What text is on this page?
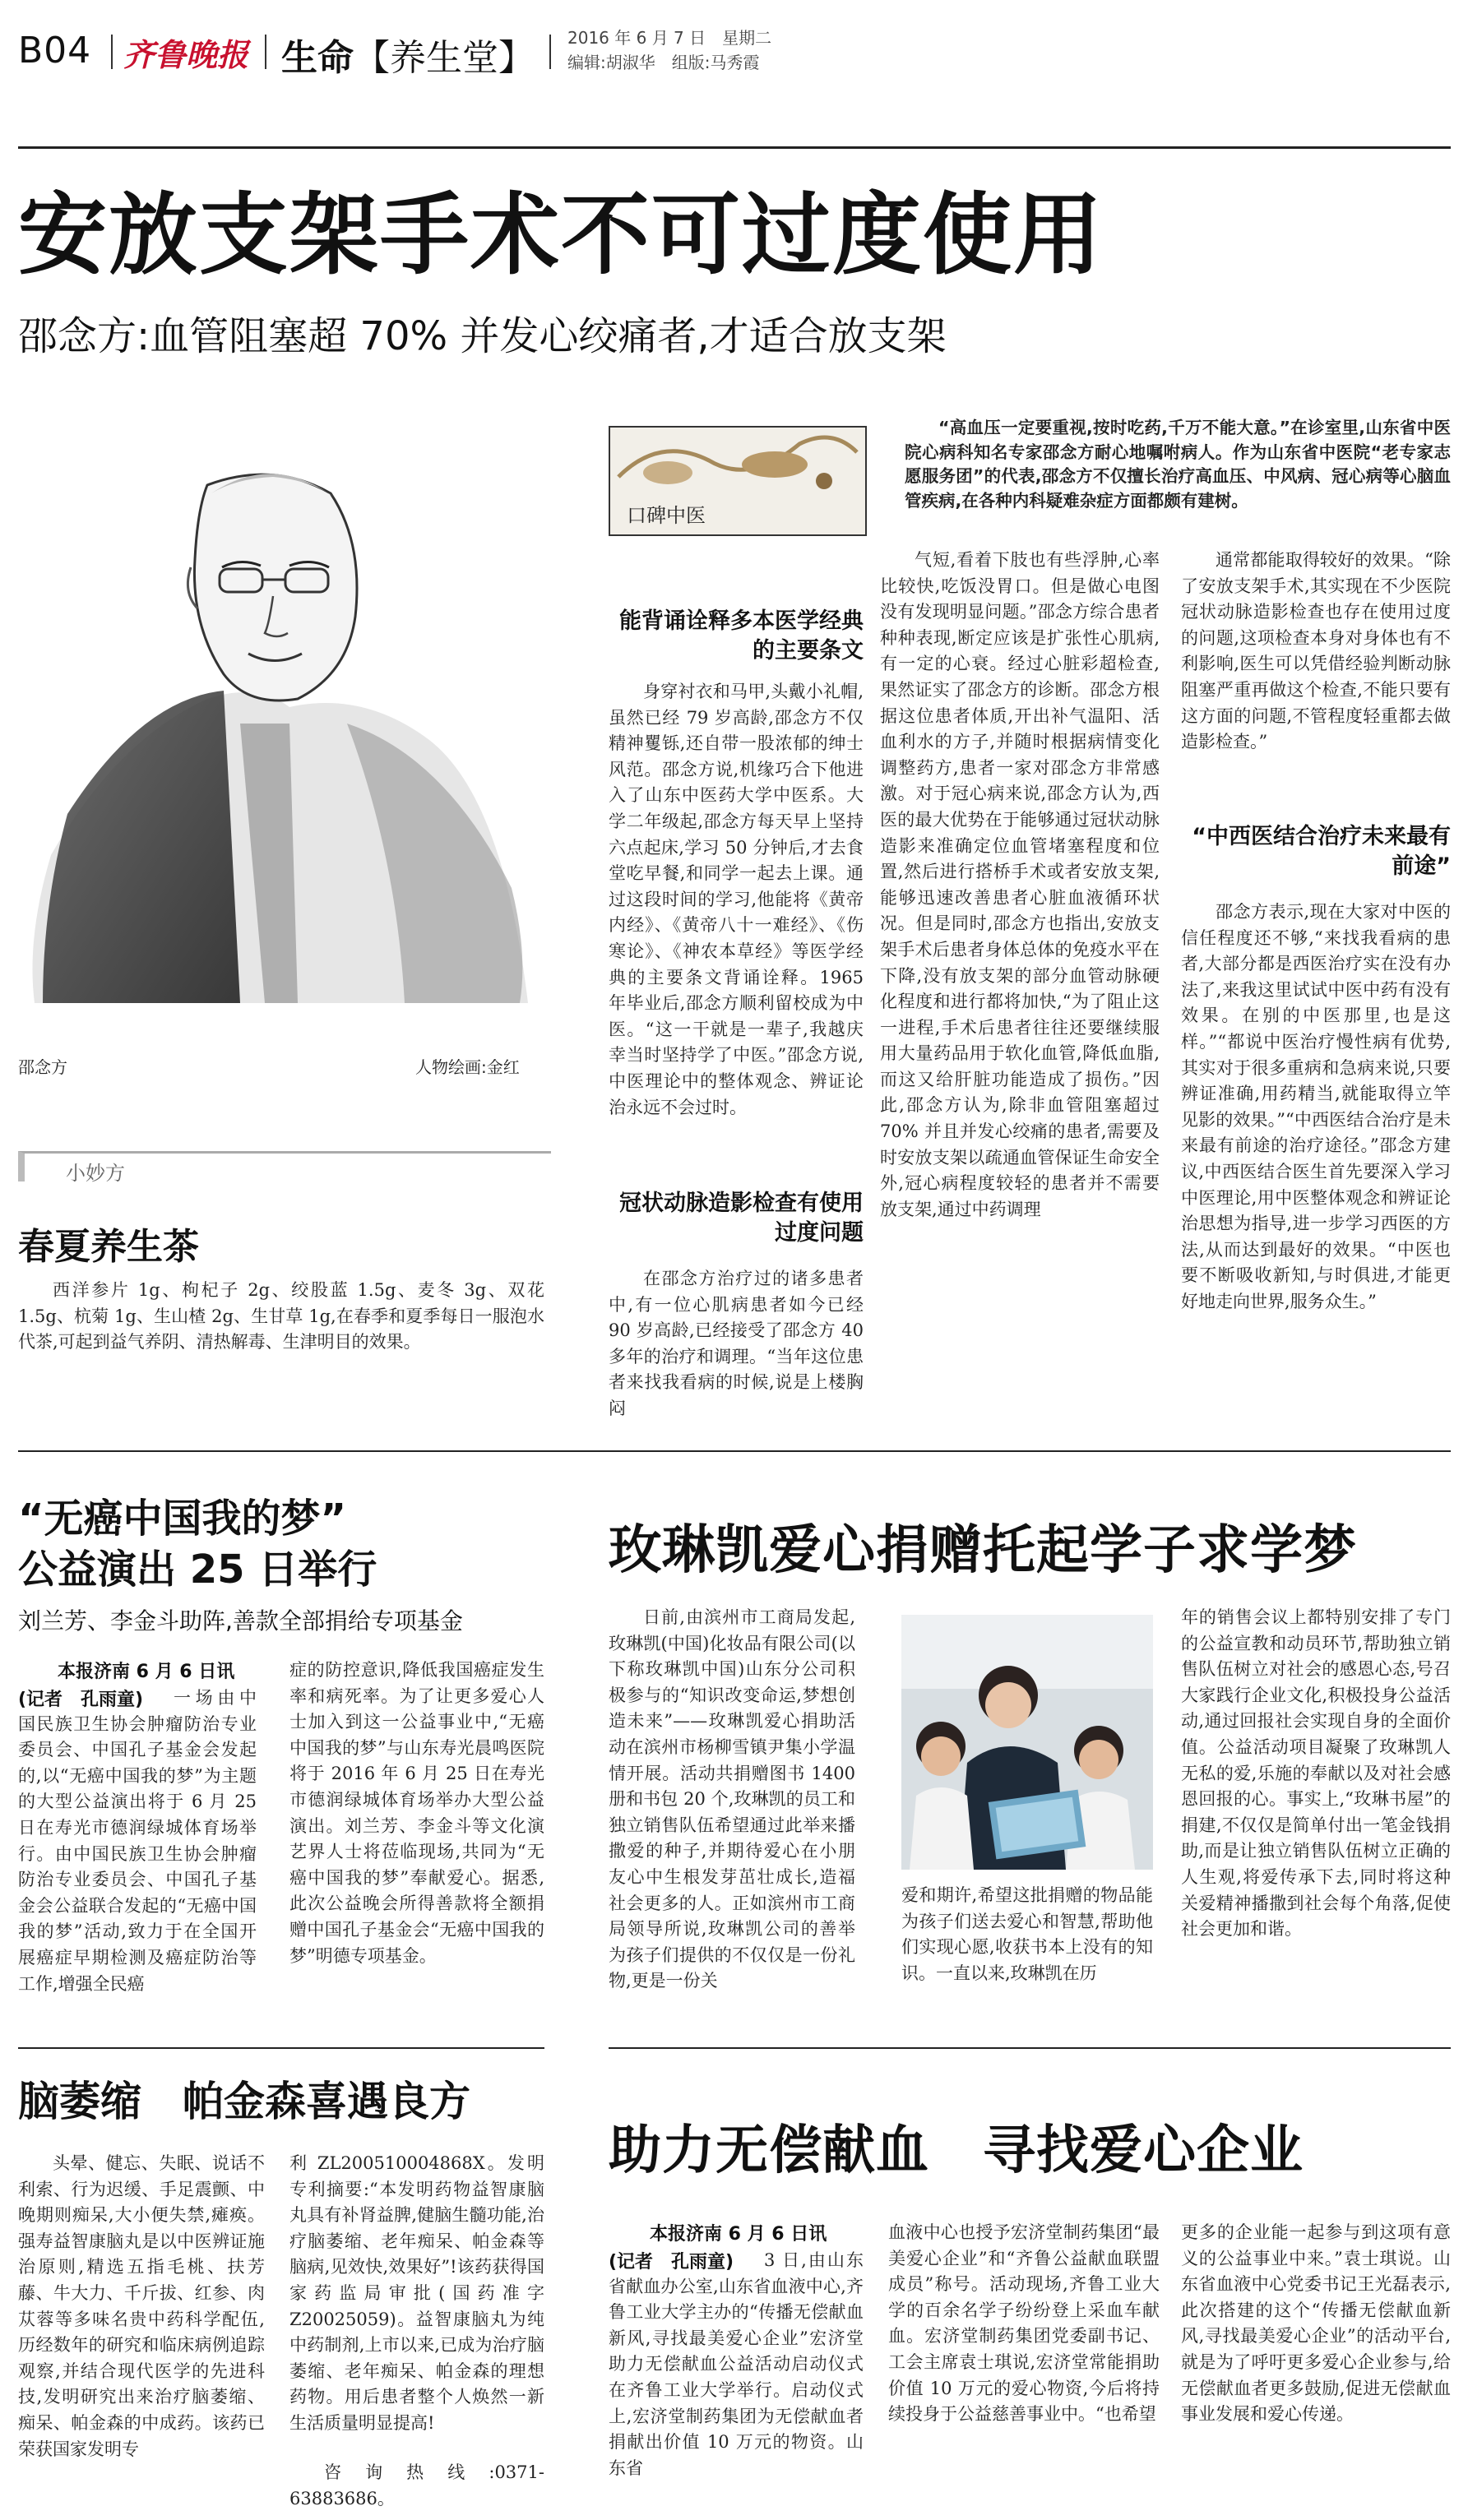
B04 齐鲁晚报 生命【养生堂】 2016 年 6 月 7 日　星期二
编辑:胡淑华　组版:马秀霞
安放支架手术不可过度使用
邵念方:血管阻塞超 70% 并发心绞痛者,才适合放支架
邵念方	人物绘画:金红
口碑中医
“高血压一定要重视,按时吃药,千万不能大意。”在诊室里,山东省中医院心病科知名专家邵念方耐心地嘱咐病人。作为山东省中医院“老专家志愿服务团”的代表,邵念方不仅擅长治疗高血压、中风病、冠心病等心脑血管疾病,在各种内科疑难杂症方面都颇有建树。
能背诵诠释多本医学经典的主要条文
身穿衬衣和马甲,头戴小礼帽,虽然已经 79 岁高龄,邵念方不仅精神矍铄,还自带一股浓郁的绅士风范。邵念方说,机缘巧合下他进入了山东中医药大学中医系。大学二年级起,邵念方每天早上坚持六点起床,学习 50 分钟后,才去食堂吃早餐,和同学一起去上课。通过这段时间的学习,他能将《黄帝内经》、《黄帝八十一难经》、《伤寒论》、《神农本草经》等医学经典的主要条文背诵诠释。1965 年毕业后,邵念方顺利留校成为中医。“这一干就是一辈子,我越庆幸当时坚持学了中医。”邵念方说,中医理论中的整体观念、辨证论治永远不会过时。
冠状动脉造影检查有使用过度问题
在邵念方治疗过的诸多患者中,有一位心肌病患者如今已经 90 岁高龄,已经接受了邵念方 40 多年的治疗和调理。“当年这位患者来找我看病的时候,说是上楼胸闷
气短,看着下肢也有些浮肿,心率比较快,吃饭没胃口。但是做心电图没有发现明显问题。”邵念方综合患者种种表现,断定应该是扩张性心肌病,有一定的心衰。经过心脏彩超检查,果然证实了邵念方的诊断。邵念方根据这位患者体质,开出补气温阳、活血利水的方子,并随时根据病情变化调整药方,患者一家对邵念方非常感激。对于冠心病来说,邵念方认为,西医的最大优势在于能够通过冠状动脉造影来准确定位血管堵塞程度和位置,然后进行搭桥手术或者安放支架,能够迅速改善患者心脏血液循环状况。但是同时,邵念方也指出,安放支架手术后患者身体总体的免疫水平在下降,没有放支架的部分血管动脉硬化程度和进行都将加快,“为了阻止这一进程,手术后患者往往还要继续服用大量药品用于软化血管,降低血脂,而这又给肝脏功能造成了损伤。”因此,邵念方认为,除非血管阻塞超过 70% 并且并发心绞痛的患者,需要及时安放支架以疏通血管保证生命安全外,冠心病程度较轻的患者并不需要放支架,通过中药调理
通常都能取得较好的效果。“除了安放支架手术,其实现在不少医院冠状动脉造影检查也存在使用过度的问题,这项检查本身对身体也有不利影响,医生可以凭借经验判断动脉阻塞严重再做这个检查,不能只要有这方面的问题,不管程度轻重都去做造影检查。”
“中西医结合治疗未来最有前途”
邵念方表示,现在大家对中医的信任程度还不够,“来找我看病的患者,大部分都是西医治疗实在没有办法了,来我这里试试中医中药有没有效果。在别的中医那里,也是这样。”“都说中医治疗慢性病有优势,其实对于很多重病和急病来说,只要辨证准确,用药精当,就能取得立竿见影的效果。”“中西医结合治疗是未来最有前途的治疗途径。”邵念方建议,中西医结合医生首先要深入学习中医理论,用中医整体观念和辨证论治思想为指导,进一步学习西医的方法,从而达到最好的效果。“中医也要不断吸收新知,与时俱进,才能更好地走向世界,服务众生。”
小妙方
春夏养生茶
西洋参片 1g、枸杞子 2g、绞股蓝 1.5g、麦冬 3g、双花 1.5g、杭菊 1g、生山楂 2g、生甘草 1g,在春季和夏季每日一服泡水代茶,可起到益气养阴、清热解毒、生津明目的效果。
“无癌中国我的梦”
公益演出 25 日举行
刘兰芳、李金斗助阵,善款全部捐给专项基金
本报济南 6 月 6 日讯
(记者　孔雨童)	一场由中国民族卫生协会肿瘤防治专业委员会、中国孔子基金会发起的,以“无癌中国我的梦”为主题的大型公益演出将于 6 月 25 日在寿光市德润绿城体育场举行。由中国民族卫生协会肿瘤防治专业委员会、中国孔子基金会公益联合发起的“无癌中国我的梦”活动,致力于在全国开展癌症早期检测及癌症防治等工作,增强全民癌
症的防控意识,降低我国癌症发生率和病死率。为了让更多爱心人士加入到这一公益事业中,“无癌中国我的梦”与山东寿光晨鸣医院将于 2016 年 6 月 25 日在寿光市德润绿城体育场举办大型公益演出。刘兰芳、李金斗等文化演艺界人士将莅临现场,共同为“无癌中国我的梦”奉献爱心。据悉,此次公益晚会所得善款将全额捐赠中国孔子基金会“无癌中国我的梦”明德专项基金。
玫琳凯爱心捐赠托起学子求学梦
日前,由滨州市工商局发起,玫琳凯(中国)化妆品有限公司(以下称玫琳凯中国)山东分公司积极参与的“知识改变命运,梦想创造未来”——玫琳凯爱心捐助活动在滨州市杨柳雪镇尹集小学温情开展。活动共捐赠图书 1400 册和书包 20 个,玫琳凯的员工和独立销售队伍希望通过此举来播撒爱的种子,并期待爱心在小朋友心中生根发芽茁壮成长,造福社会更多的人。正如滨州市工商局领导所说,玫琳凯公司的善举为孩子们提供的不仅仅是一份礼物,更是一份关
爱和期许,希望这批捐赠的物品能为孩子们送去爱心和智慧,帮助他们实现心愿,收获书本上没有的知识。一直以来,玫琳凯在历
年的销售会议上都特别安排了专门的公益宣教和动员环节,帮助独立销售队伍树立对社会的感恩心态,号召大家践行企业文化,积极投身公益活动,通过回报社会实现自身的全面价值。公益活动项目凝聚了玫琳凯人无私的爱,乐施的奉献以及对社会感恩回报的心。事实上,“玫琳书屋”的捐建,不仅仅是简单付出一笔金钱捐助,而是让独立销售队伍树立正确的人生观,将爱传承下去,同时将这种关爱精神播撒到社会每个角落,促使社会更加和谐。
脑萎缩　帕金森喜遇良方
头晕、健忘、失眠、说话不利索、行为迟缓、手足震颤、中晚期则痴呆,大小便失禁,瘫痪。强寿益智康脑丸是以中医辨证施治原则,精选五指毛桃、扶芳藤、牛大力、千斤拔、红参、肉苁蓉等多味名贵中药科学配伍,历经数年的研究和临床病例追踪观察,并结合现代医学的先进科技,发明研究出来治疗脑萎缩、痴呆、帕金森的中成药。该药已荣获国家发明专
利 ZL200510004868X。发明专利摘要:“本发明药物益智康脑丸具有补肾益脾,健脑生髓功能,治疗脑萎缩、老年痴呆、帕金森等脑病,见效快,效果好”!该药获得国家药监局审批(国药准字 Z20025059)。益智康脑丸为纯中药制剂,上市以来,已成为治疗脑萎缩、老年痴呆、帕金森的理想药物。用后患者整个人焕然一新生活质量明显提高!
咨询热线:0371-63883686。
助力无偿献血　寻找爱心企业
本报济南 6 月 6 日讯
(记者　孔雨童)	3 日,由山东省献血办公室,山东省血液中心,齐鲁工业大学主办的“传播无偿献血新风,寻找最美爱心企业”宏济堂助力无偿献血公益活动启动仪式在齐鲁工业大学举行。启动仪式上,宏济堂制药集团为无偿献血者捐献出价值 10 万元的物资。山东省
血液中心也授予宏济堂制药集团“最美爱心企业”和“齐鲁公益献血联盟成员”称号。活动现场,齐鲁工业大学的百余名学子纷纷登上采血车献血。宏济堂制药集团党委副书记、工会主席袁士琪说,宏济堂常能捐助价值 10 万元的爱心物资,今后将持续投身于公益慈善事业中。“也希望
更多的企业能一起参与到这项有意义的公益事业中来。”袁士琪说。山东省血液中心党委书记王光磊表示,此次搭建的这个“传播无偿献血新风,寻找最美爱心企业”的活动平台,就是为了呼吁更多爱心企业参与,给无偿献血者更多鼓励,促进无偿献血事业发展和爱心传递。
